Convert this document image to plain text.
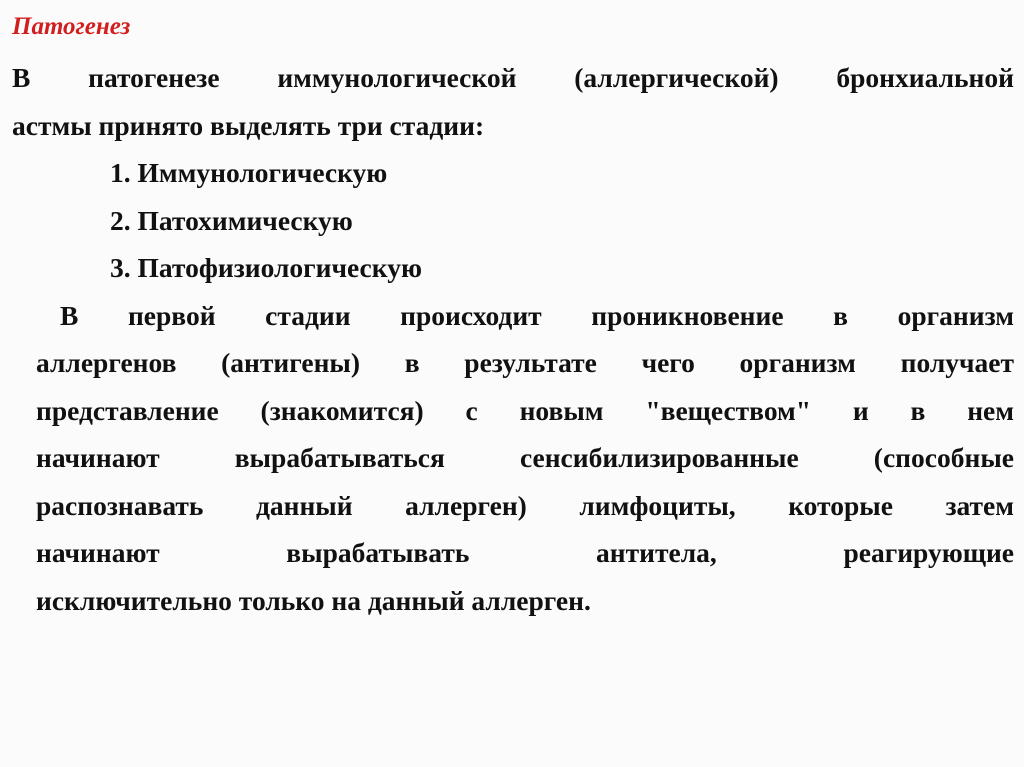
Патогенез
В патогенезе иммунологической (аллергической) бронхиальной
астмы принято выделять три стадии:
1. Иммунологическую
2. Патохимическую
3. Патофизиологическую
В первой стадии происходит проникновение в организм
аллергенов (антигены) в результате чего организм получает
представление (знакомится) с новым "веществом" и в нем
начинают вырабатываться сенсибилизированные (способные
распознавать данный аллерген) лимфоциты, которые затем
начинают вырабатывать антитела, реагирующие
исключительно только на данный аллерген.
